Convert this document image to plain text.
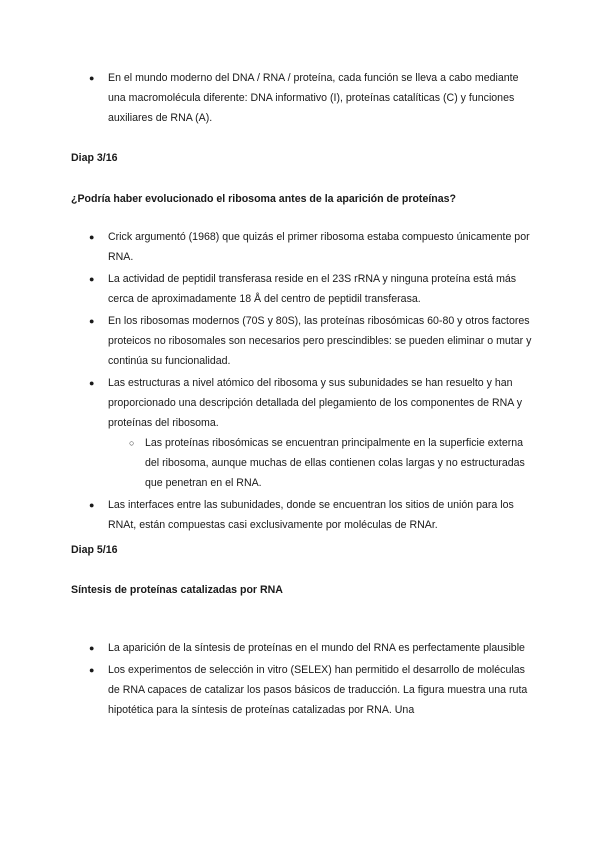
● En el mundo moderno del DNA / RNA / proteína, cada función se lleva a cabo mediante una macromolécula diferente: DNA informativo (I), proteínas catalíticas (C) y funciones auxiliares de RNA (A).

Diap 3/16

¿Podría haber evolucionado el ribosoma antes de la aparición de proteínas?

● Crick argumentó (1968) que quizás el primer ribosoma estaba compuesto únicamente por RNA.
● La actividad de peptidil transferasa reside en el 23S rRNA y ninguna proteína está más cerca de aproximadamente 18 Å del centro de peptidil transferasa.
● En los ribosomas modernos (70S y 80S), las proteínas ribosómicas 60-80 y otros factores proteicos no ribosomales son necesarios pero prescindibles: se pueden eliminar o mutar y continúa su funcionalidad.
● Las estructuras a nivel atómico del ribosoma y sus subunidades se han resuelto y han proporcionado una descripción detallada del plegamiento de los componentes de RNA y proteínas del ribosoma.
○ Las proteínas ribosómicas se encuentran principalmente en la superficie externa del ribosoma, aunque muchas de ellas contienen colas largas y no estructuradas que penetran en el RNA.
● Las interfaces entre las subunidades, donde se encuentran los sitios de unión para los RNAt, están compuestas casi exclusivamente por moléculas de RNAr.

Diap 5/16

Síntesis de proteínas catalizadas por RNA

● La aparición de la síntesis de proteínas en el mundo del RNA es perfectamente plausible
● Los experimentos de selección in vitro (SELEX) han permitido el desarrollo de moléculas de RNA capaces de catalizar los pasos básicos de traducción. La figura muestra una ruta hipotética para la síntesis de proteínas catalizadas por RNA. Una
